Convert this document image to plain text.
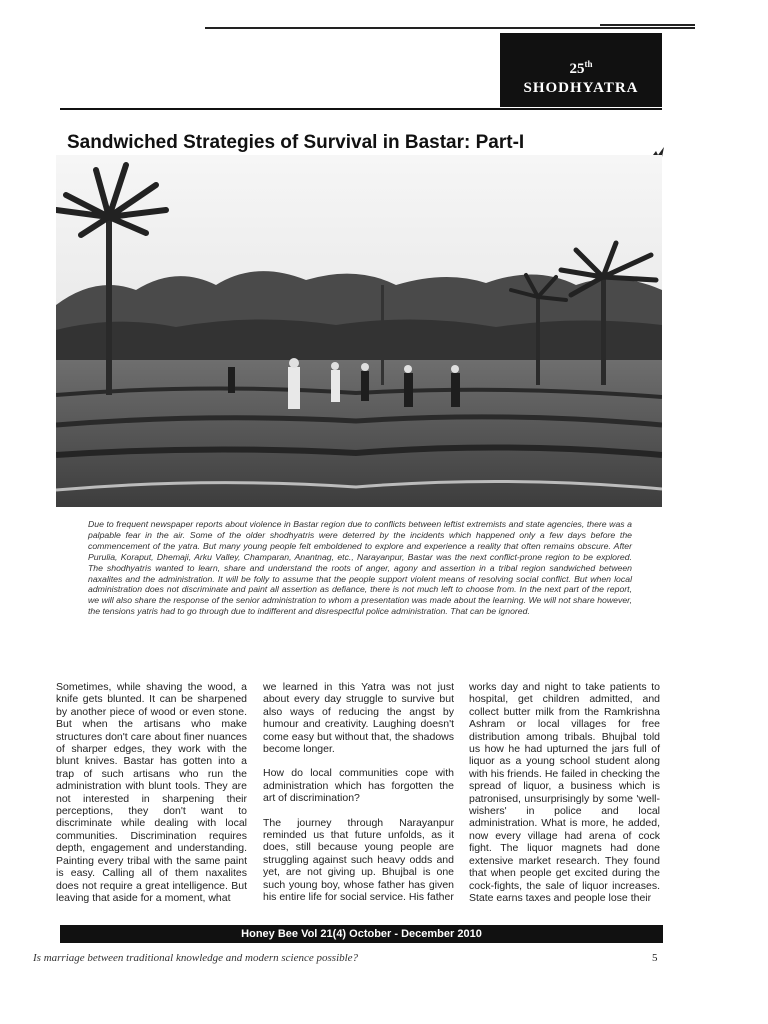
25th
SHODHYATRA
Sandwiched Strategies of Survival in Bastar: Part-I

Due to frequent newspaper reports about violence in Bastar region due to conflicts between leftist extremists and state agencies, there was a palpable fear in the air. Some of the older shodhyatris were deterred by the incidents which happened only a few days before the commencement of the yatra. But many young people felt emboldened to explore and experience a reality that often remains obscure. After Purulia, Koraput, Dhemaji, Arku Valley, Champaran, Anantnag, etc., Narayanpur, Bastar was the next conflict-prone region to be explored. The shodhyatris wanted to learn, share and understand the roots of anger, agony and assertion in a tribal region sandwiched between naxalites and the administration. It will be folly to assume that the people support violent means of resolving social conflict. But when local administration does not discriminate and paint all assertion as defiance, there is not much left to choose from. In the next part of the report, we will also share the response of the senior administration to whom a presentation was made about the learning. We will not share however, the tensions yatris had to go through due to indifferent and disrespectful police administration. That can be ignored.

Sometimes, while shaving the wood, a knife gets blunted. It can be sharpened by another piece of wood or even stone. But when the artisans who make structures don't care about finer nuances of sharper edges, they work with the blunt knives. Bastar has gotten into a trap of such artisans who run the administration with blunt tools. They are not interested in sharpening their perceptions, they don't want to discriminate while dealing with local communities. Discrimination requires depth, engagement and understanding. Painting every tribal with the same paint is easy. Calling all of them naxalites does not require a great intelligence. But leaving that aside for a moment, what

we learned in this Yatra was not just about every day struggle to survive but also ways of reducing the angst by humour and creativity. Laughing doesn't come easy but without that, the shadows become longer.

How do local communities cope with administration which has forgotten the art of discrimination?

The journey through Narayanpur reminded us that future unfolds, as it does, still because young people are struggling against such heavy odds and yet, are not giving up. Bhujbal is one such young boy, whose father has given his entire life for social service. His father

works day and night to take patients to hospital, get children admitted, and collect butter milk from the Ramkrishna Ashram or local villages for free distribution among tribals. Bhujbal told us how he had upturned the jars full of liquor as a young school student along with his friends. He failed in checking the spread of liquor, a business which is patronised, unsurprisingly by some 'well-wishers' in police and local administration. What is more, he added, now every village had arena of cock fight. The liquor magnets had done extensive market research. They found that when people get excited during the cock-fights, the sale of liquor increases. State earns taxes and people lose their

Honey Bee Vol 21(4) October - December 2010

Is marriage between traditional knowledge and modern science possible?	5
